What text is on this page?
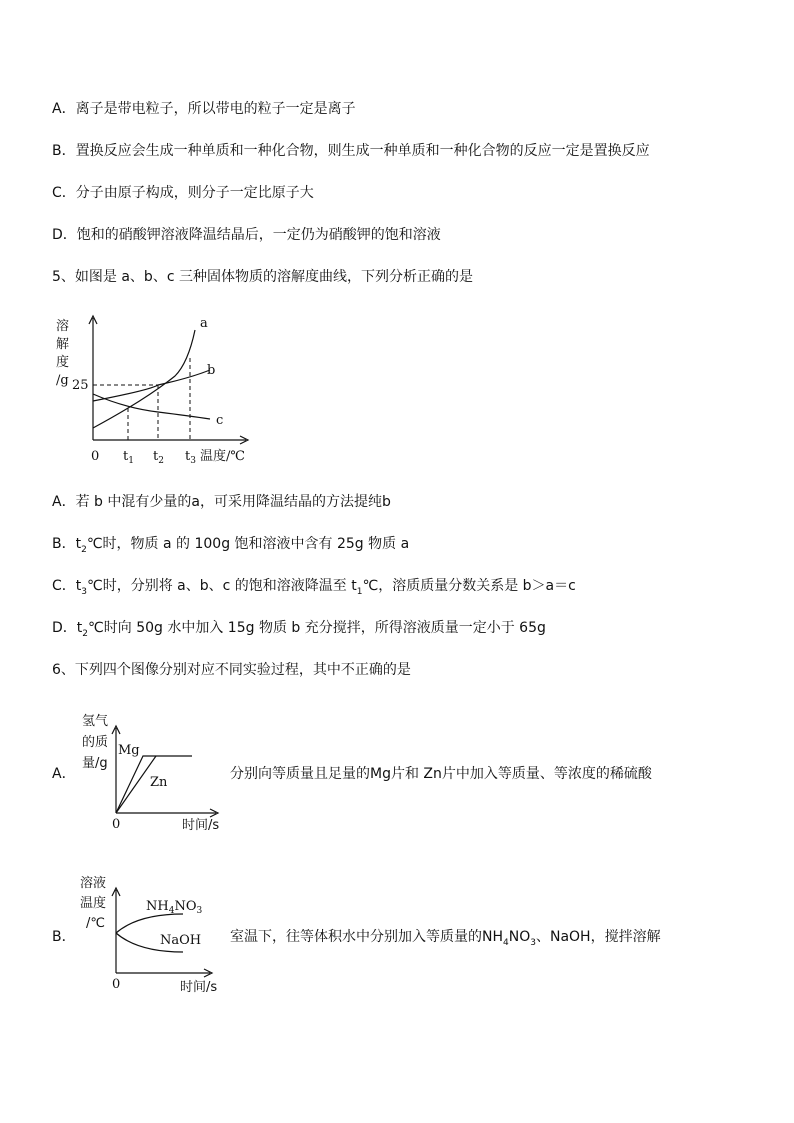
A．离子是带电粒子，所以带电的粒子一定是离子
B．置换反应会生成一种单质和一种化合物，则生成一种单质和一种化合物的反应一定是置换反应
C．分子由原子构成，则分子一定比原子大
D．饱和的硝酸钾溶液降温结晶后，一定仍为硝酸钾的饱和溶液
5、如图是 a、b、c 三种固体物质的溶解度曲线，下列分析正确的是
溶
解
度
/g 25
a
b
c
0 $t_1$ $t_2$ $t_3$ 温度/℃
A．若 b 中混有少量的a，可采用降温结晶的方法提纯b
B．$t_2℃$时，物质 a 的 100g 饱和溶液中含有 25g 物质 a
C．$t_3℃$时，分别将 a、b、c 的饱和溶液降温至 $t_1℃$，溶质质量分数关系是 b＞a＝c
D．$t_2℃$时向 50g 水中加入 15g 物质 b 充分搅拌，所得溶液质量一定小于 65g
6、下列四个图像分别对应不同实验过程，其中不正确的是
A．
氢气
的质
量/g
Mg
Zn
0	时间/s
分别向等质量且足量的Mg片和 Zn片中加入等质量、等浓度的稀硫酸
B．
溶液
温度
/℃
$NH_4NO_3$
NaOH
0	时间/s
室温下，往等体积水中分别加入等质量的$NH_4NO_3$、NaOH，搅拌溶解
